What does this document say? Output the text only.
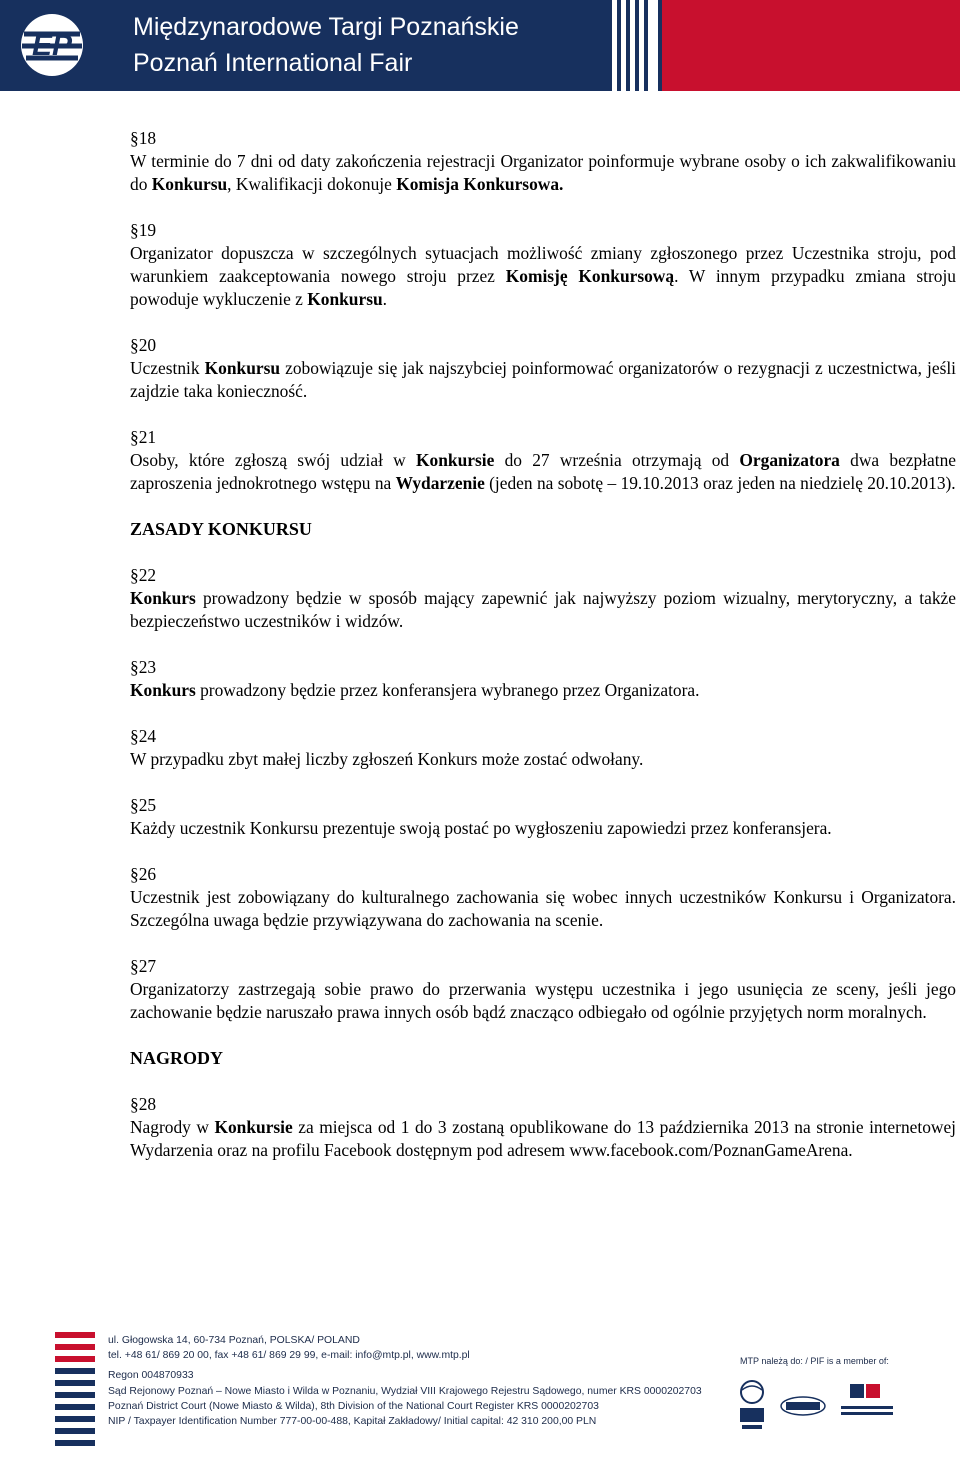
EP
Międzynarodowe Targi Poznańskie
Poznań International Fair
§18

W terminie do 7 dni od daty zakończenia rejestracji Organizator poinformuje wybrane osoby o ich zakwalifikowaniu do Konkursu, Kwalifikacji dokonuje Komisja Konkursowa.

§19

Organizator dopuszcza w szczególnych sytuacjach możliwość zmiany zgłoszonego przez Uczestnika stroju, pod warunkiem zaakceptowania nowego stroju przez Komisję Konkursową. W innym przypadku zmiana stroju powoduje wykluczenie z Konkursu.

§20

Uczestnik Konkursu zobowiązuje się jak najszybciej poinformować organizatorów o rezygnacji z uczestnictwa, jeśli zajdzie taka konieczność.

§21

Osoby, które zgłoszą swój udział w Konkursie do 27 września otrzymają od Organizatora dwa bezpłatne zaproszenia jednokrotnego wstępu na Wydarzenie (jeden na sobotę – 19.10.2013 oraz jeden na niedzielę 20.10.2013).

ZASADY KONKURSU
§22

Konkurs prowadzony będzie w sposób mający zapewnić jak najwyższy poziom wizualny, merytoryczny, a także bezpieczeństwo uczestników i widzów.

§23

Konkurs prowadzony będzie przez konferansjera wybranego przez Organizatora.

§24

W przypadku zbyt małej liczby zgłoszeń Konkurs może zostać odwołany.

§25

Każdy uczestnik Konkursu prezentuje swoją postać po wygłoszeniu zapowiedzi przez konferansjera.

§26

Uczestnik jest zobowiązany do kulturalnego zachowania się wobec innych uczestników Konkursu i Organizatora. Szczególna uwaga będzie przywiązywana do zachowania na scenie.

§27

Organizatorzy zastrzegają sobie prawo do przerwania występu uczestnika i jego usunięcia ze sceny, jeśli jego zachowanie będzie naruszało prawa innych osób bądź znacząco odbiegało od ogólnie przyjętych norm moralnych.

NAGRODY
§28

Nagrody w Konkursie za miejsca od 1 do 3 zostaną opublikowane do 13 października 2013 na stronie internetowej Wydarzenia oraz na profilu Facebook dostępnym pod adresem www.facebook.com/PoznanGameArena.

ul. Głogowska 14, 60-734 Poznań, POLSKA/ POLAND
tel. +48 61/ 869 20 00, fax +48 61/ 869 29 99, e-mail: info@mtp.pl, www.mtp.pl
Regon 004870933
Sąd Rejonowy Poznań – Nowe Miasto i Wilda w Poznaniu, Wydział VIII Krajowego Rejestru Sądowego, numer KRS 0000202703
Poznań District Court (Nowe Miasto & Wilda), 8th Division of the National Court Register KRS 0000202703
NIP / Taxpayer Identification Number 777-00-00-488, Kapitał Zakładowy/ Initial capital: 42 310 200,00 PLN
MTP należą do: / PIF is a member of:
